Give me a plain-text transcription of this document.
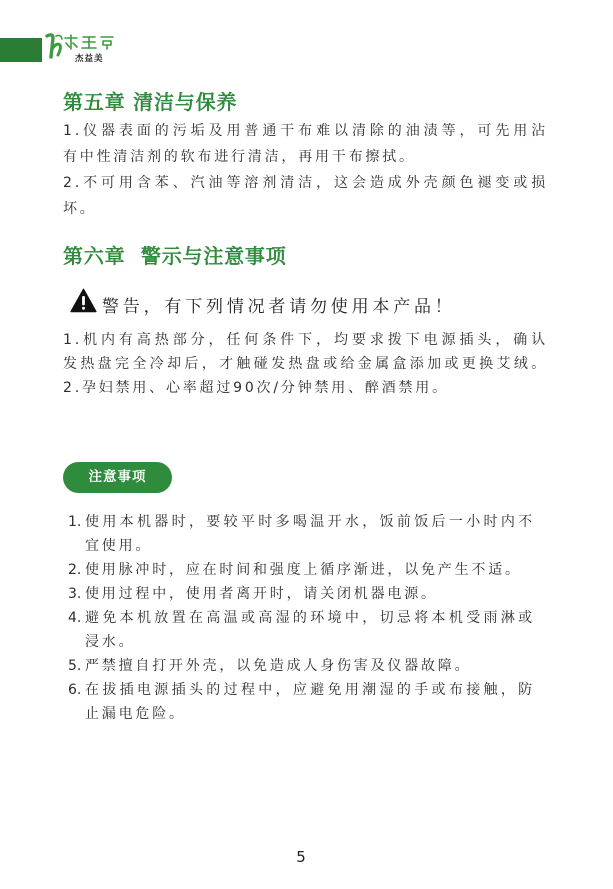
杰益美
第五章 清洁与保养
1.仪器表面的污垢及用普通干布难以清除的油渍等，可先用沾
有中性清洁剂的软布进行清洁，再用干布擦拭。
2.不可用含苯、汽油等溶剂清洁，这会造成外壳颜色褪变或损
坏。
第六章  警示与注意事项
警告，有下列情况者请勿使用本产品！
1.机内有高热部分，任何条件下，均要求拨下电源插头，确认
发热盘完全冷却后，才触碰发热盘或给金属盒添加或更换艾绒。
2.孕妇禁用、心率超过90次/分钟禁用、醉酒禁用。
注意事项
1. 使用本机器时，要较平时多喝温开水，饭前饭后一小时内不
宜使用。
2. 使用脉冲时，应在时间和强度上循序渐进，以免产生不适。
3. 使用过程中，使用者离开时，请关闭机器电源。
4. 避免本机放置在高温或高湿的环境中，切忌将本机受雨淋或
浸水。
5. 严禁擅自打开外壳，以免造成人身伤害及仪器故障。
6. 在拔插电源插头的过程中，应避免用潮湿的手或布接触，防
止漏电危险。
5
